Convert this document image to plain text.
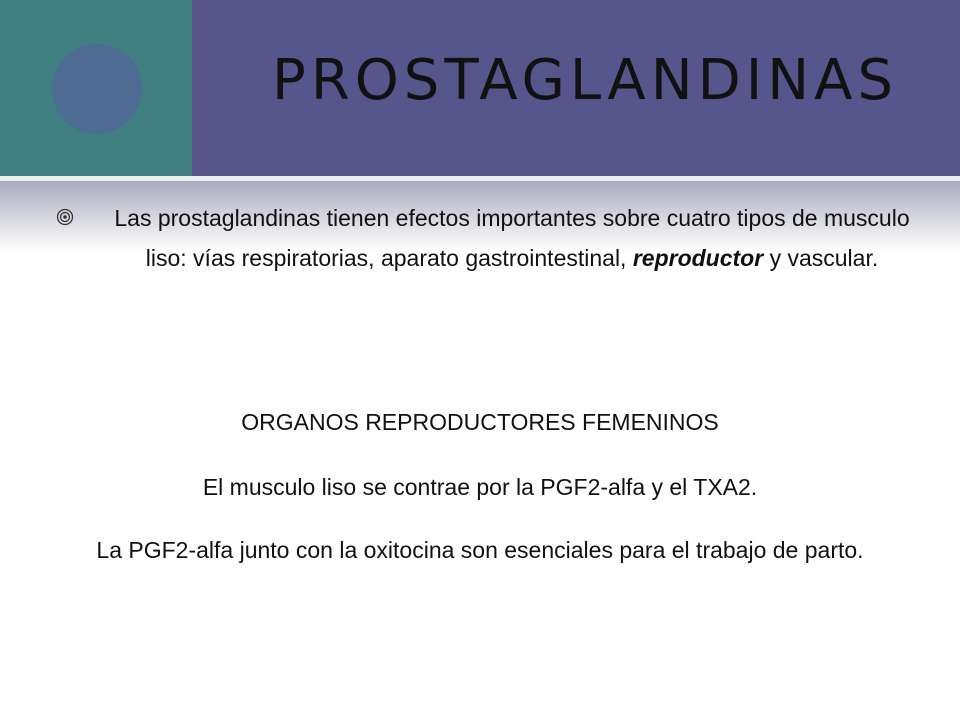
PROSTAGLANDINAS
Las prostaglandinas tienen efectos importantes sobre cuatro tipos de musculo liso: vías respiratorias, aparato gastrointestinal, reproductor y vascular.
ORGANOS REPRODUCTORES FEMENINOS
El musculo liso se contrae por la PGF2-alfa y el TXA2.
La PGF2-alfa junto con la oxitocina son esenciales para el trabajo de parto.
